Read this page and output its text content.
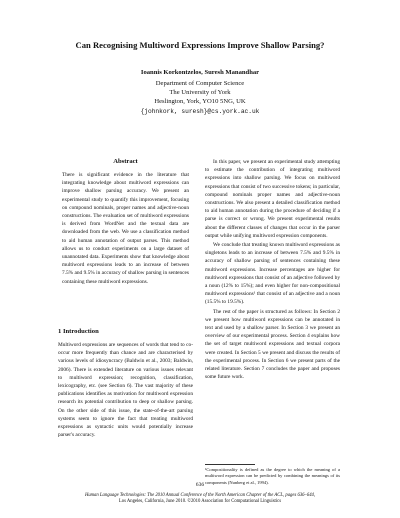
Can Recognising Multiword Expressions Improve Shallow Parsing?
Ioannis Korkontzelos, Suresh Manandhar
Department of Computer Science
The University of York
Heslington, York, YO10 5NG, UK
{johnkork, suresh}@cs.york.ac.uk
Abstract

There is significant evidence in the literature that integrating knowledge about multiword expressions can improve shallow parsing accuracy. We present an experimental study to quantify this improvement, focusing on compound nominals, proper names and adjective-noun constructions. The evaluation set of multiword expressions is derived from WordNet and the textual data are downloaded from the web. We use a classification method to aid human annotation of output parses. This method allows us to conduct experiments on a large dataset of unannotated data. Experiments show that knowledge about multiword expressions leads to an increase of between 7.5% and 9.5% in accuracy of shallow parsing in sentences containing these multiword expressions.

1 Introduction

Multiword expressions are sequences of words that tend to co-occur more frequently than chance and are characterised by various levels of idiosyncracy (Baldwin et al., 2003; Baldwin, 2006). There is extended literature on various issues relevant to multiword expression; recognition, classification, lexicography, etc. (see Section 6). The vast majority of these publications identifies as motivation for multiword expression research its potential contribution to deep or shallow parsing. On the other side of this issue, the state-of-the-art parsing systems seem to ignore the fact that treating multiword expressions as syntactic units would potentially increase parser's accuracy.

In this paper, we present an experimental study attempting to estimate the contribution of integrating multiword expressions into shallow parsing. We focus on multiword expressions that consist of two successive tokens; in particular, compound nominals proper names and adjective-noun constructions. We also present a detailed classification method to aid human annotation during the procedure of deciding if a parse is correct or wrong. We present experimental results about the different classes of changes that occur in the parser output while unifying multiword expression components.

We conclude that treating known multiword expressions as singletons leads to an increase of between 7.5% and 9.5% in accuracy of shallow parsing of sentences containing these multiword expressions. Increase percentages are higher for multiword expressions that consist of an adjective followed by a noun (12% to 15%); and even higher for non-compositional multiword expressions¹ that consist of an adjective and a noun (15.5% to 19.5%).

The rest of the paper is structured as follows: In Section 2 we present how multiword expressions can be annotated in text and used by a shallow parser. In Section 3 we present an overview of our experimental process. Section 4 explains how the set of target multiword expressions and textual corpora were created. In Section 5 we present and discuss the results of the experimental process. In Section 6 we present parts of the related literature. Section 7 concludes the paper and proposes some future work.

¹Compositionality is defined as the degree to which the meaning of a multiword expression can be predicted by combining the meanings of its components (Nunberg et al., 1994).
636
Human Language Technologies: The 2010 Annual Conference of the North American Chapter of the ACL, pages 636–644,
Los Angeles, California, June 2010. ©2010 Association for Computational Linguistics
